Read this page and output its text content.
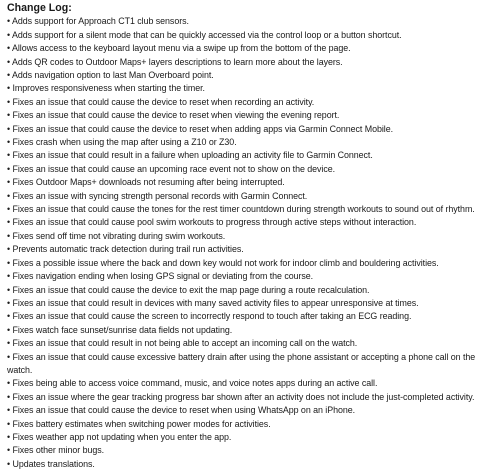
Change Log:
• Adds support for Approach CT1 club sensors.
• Adds support for a silent mode that can be quickly accessed via the control loop or a button shortcut.
• Allows access to the keyboard layout menu via a swipe up from the bottom of the page.
• Adds QR codes to Outdoor Maps+ layers descriptions to learn more about the layers.
• Adds navigation option to last Man Overboard point.
• Improves responsiveness when starting the timer.
• Fixes an issue that could cause the device to reset when recording an activity.
• Fixes an issue that could cause the device to reset when viewing the evening report.
• Fixes an issue that could cause the device to reset when adding apps via Garmin Connect Mobile.
• Fixes crash when using the map after using a Z10 or Z30.
• Fixes an issue that could result in a failure when uploading an activity file to Garmin Connect.
• Fixes an issue that could cause an upcoming race event not to show on the device.
• Fixes Outdoor Maps+ downloads not resuming after being interrupted.
• Fixes an issue with syncing strength personal records with Garmin Connect.
• Fixes an issue that could cause the tones for the rest timer countdown during strength workouts to sound out of rhythm.
• Fixes an issue that could cause pool swim workouts to progress through active steps without interaction.
• Fixes send off time not vibrating during swim workouts.
• Prevents automatic track detection during trail run activities.
• Fixes a possible issue where the back and down key would not work for indoor climb and bouldering activities.
• Fixes navigation ending when losing GPS signal or deviating from the course.
• Fixes an issue that could cause the device to exit the map page during a route recalculation.
• Fixes an issue that could result in devices with many saved activity files to appear unresponsive at times.
• Fixes an issue that could cause the screen to incorrectly respond to touch after taking an ECG reading.
• Fixes watch face sunset/sunrise data fields not updating.
• Fixes an issue that could result in not being able to accept an incoming call on the watch.
• Fixes an issue that could cause excessive battery drain after using the phone assistant or accepting a phone call on the watch.
• Fixes being able to access voice command, music, and voice notes apps during an active call.
• Fixes an issue where the gear tracking progress bar shown after an activity does not include the just-completed activity.
• Fixes an issue that could cause the device to reset when using WhatsApp on an iPhone.
• Fixes battery estimates when switching power modes for activities.
• Fixes weather app not updating when you enter the app.
• Fixes other minor bugs.
• Updates translations.
